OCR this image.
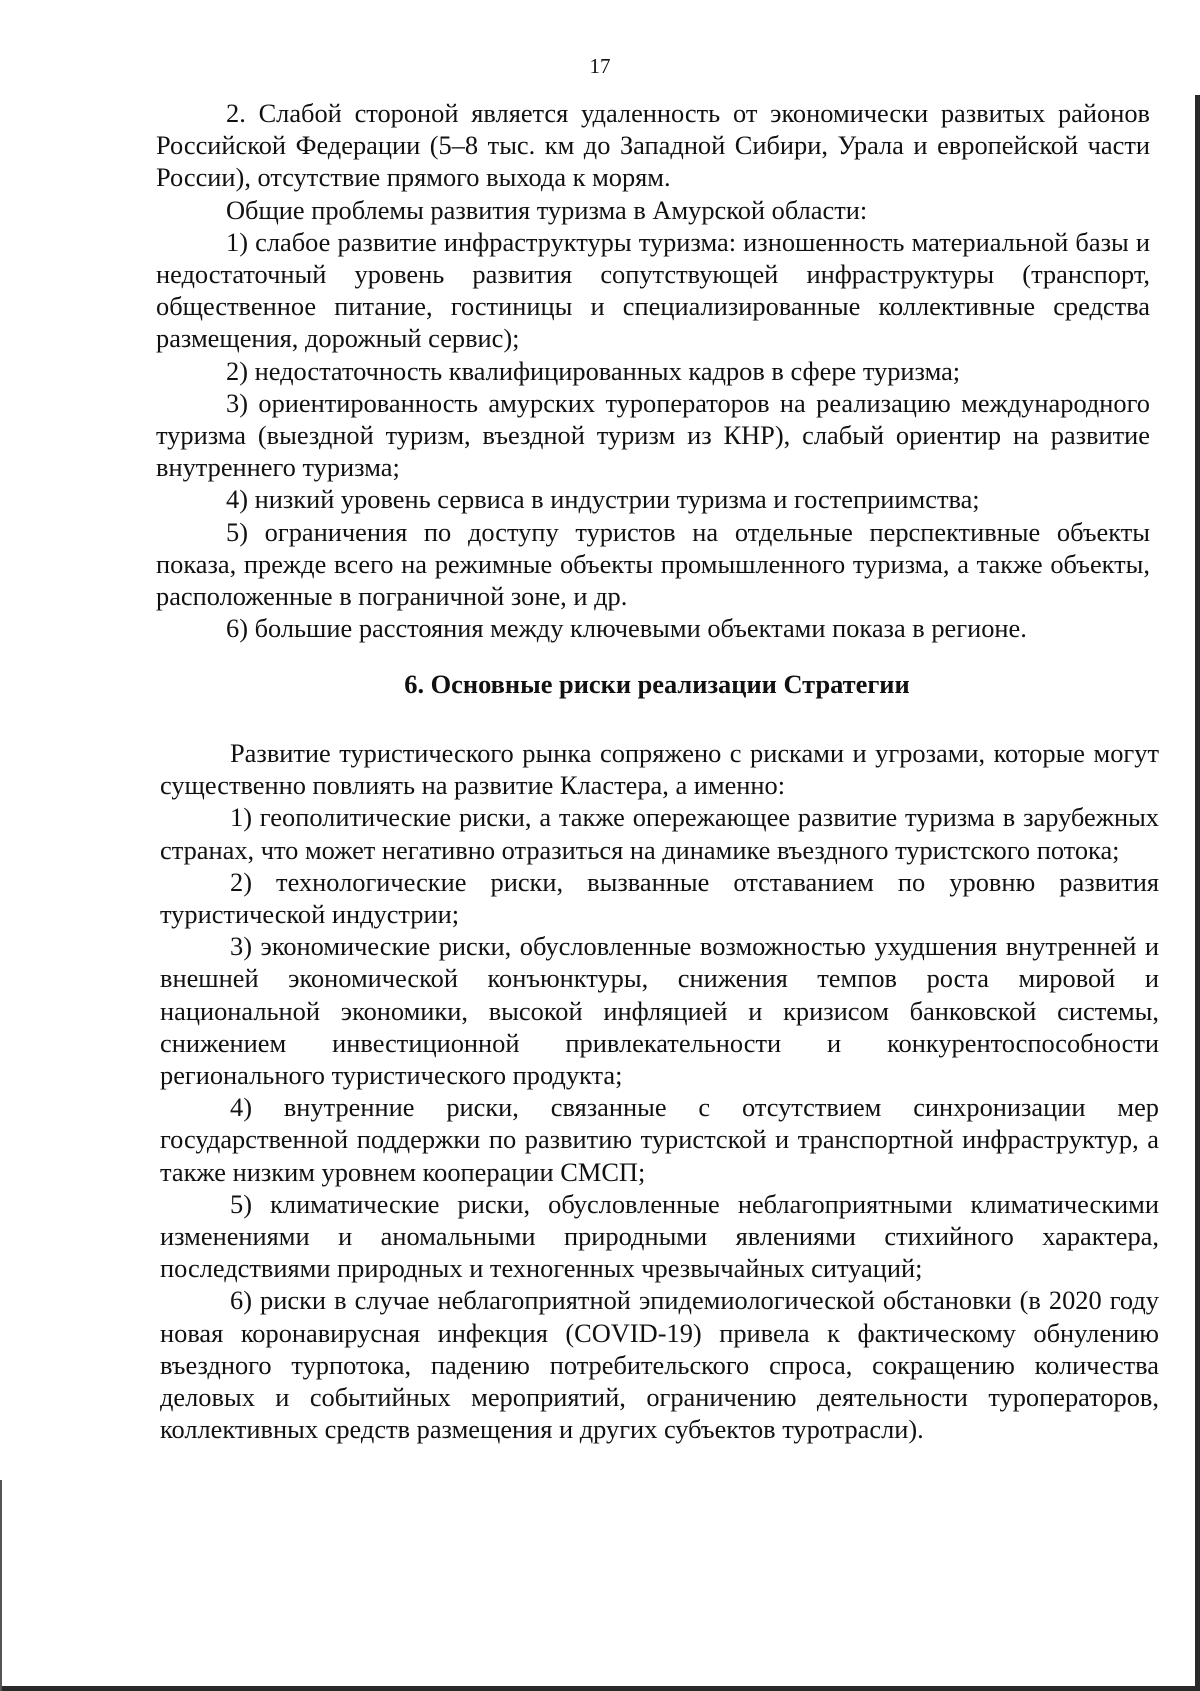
17

2. Слабой стороной является удаленность от экономически развитых районов Российской Федерации (5–8 тыс. км до Западной Сибири, Урала и европейской части России), отсутствие прямого выхода к морям.

Общие проблемы развития туризма в Амурской области:

1) слабое развитие инфраструктуры туризма: изношенность материальной базы и недостаточный уровень развития сопутствующей инфраструктуры (транспорт, общественное питание, гостиницы и специализированные коллективные средства размещения, дорожный сервис);

2) недостаточность квалифицированных кадров в сфере туризма;

3) ориентированность амурских туроператоров на реализацию международного туризма (выездной туризм, въездной туризм из КНР), слабый ориентир на развитие внутреннего туризма;

4) низкий уровень сервиса в индустрии туризма и гостеприимства;

5) ограничения по доступу туристов на отдельные перспективные объекты показа, прежде всего на режимные объекты промышленного туризма, а также объекты, расположенные в пограничной зоне, и др.

6) большие расстояния между ключевыми объектами показа в регионе.

6. Основные риски реализации Стратегии

Развитие туристического рынка сопряжено с рисками и угрозами, которые могут существенно повлиять на развитие Кластера, а именно:

1) геополитические риски, а также опережающее развитие туризма в зарубежных странах, что может негативно отразиться на динамике въездного туристского потока;

2) технологические риски, вызванные отставанием по уровню развития туристической индустрии;

3) экономические риски, обусловленные возможностью ухудшения внутренней и внешней экономической конъюнктуры, снижения темпов роста мировой и национальной экономики, высокой инфляцией и кризисом банковской системы, снижением инвестиционной привлекательности и конкурентоспособности регионального туристического продукта;

4) внутренние риски, связанные с отсутствием синхронизации мер государственной поддержки по развитию туристской и транспортной инфраструктур, а также низким уровнем кооперации СМСП;

5) климатические риски, обусловленные неблагоприятными климатическими изменениями и аномальными природными явлениями стихийного характера, последствиями природных и техногенных чрезвычайных ситуаций;

6) риски в случае неблагоприятной эпидемиологической обстановки (в 2020 году новая коронавирусная инфекция (COVID-19) привела к фактическому обнулению въездного турпотока, падению потребительского спроса, сокращению количества деловых и событийных мероприятий, ограничению деятельности туроператоров, коллективных средств размещения и других субъектов туротрасли).
